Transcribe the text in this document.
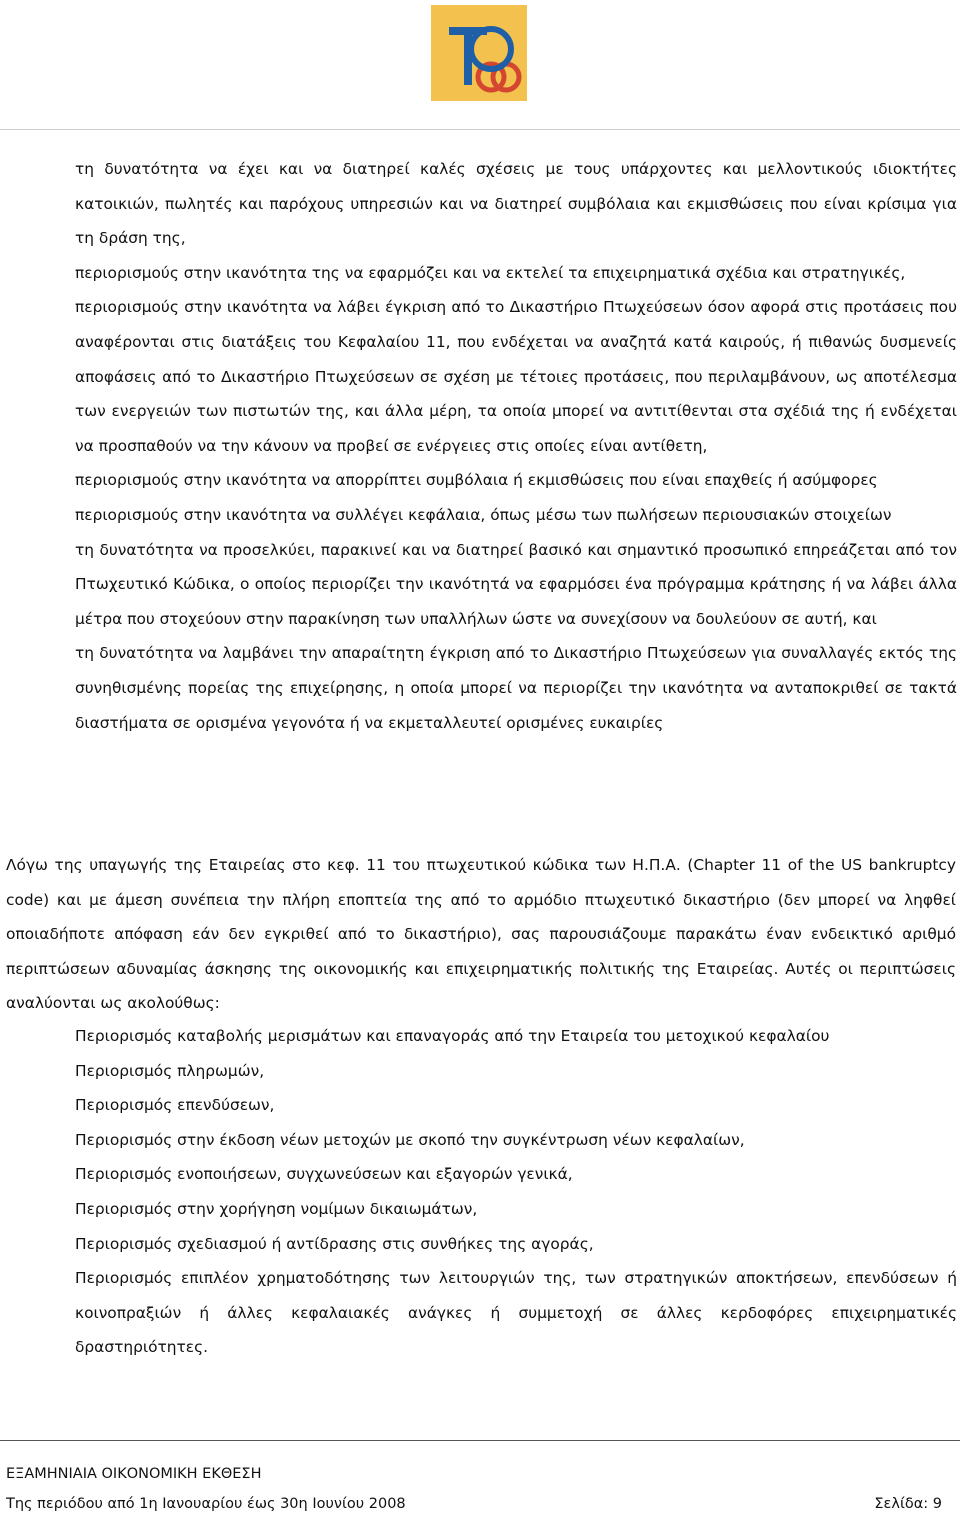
τη δυνατότητα να έχει και να διατηρεί καλές σχέσεις με τους υπάρχοντες και μελλοντικούς ιδιοκτήτες κατοικιών, πωλητές και παρόχους υπηρεσιών και να διατηρεί συμβόλαια και εκμισθώσεις που είναι κρίσιμα για τη δράση της,
περιορισμούς στην ικανότητα της να εφαρμόζει και να εκτελεί τα επιχειρηματικά σχέδια και στρατηγικές,
περιορισμούς στην ικανότητα να λάβει έγκριση από το Δικαστήριο Πτωχεύσεων όσον αφορά στις προτάσεις που αναφέρονται στις διατάξεις του Κεφαλαίου 11, που ενδέχεται να αναζητά κατά καιρούς, ή πιθανώς δυσμενείς αποφάσεις από το Δικαστήριο Πτωχεύσεων σε σχέση με τέτοιες προτάσεις, που περιλαμβάνουν, ως αποτέλεσμα των ενεργειών των πιστωτών της, και άλλα μέρη, τα οποία μπορεί να αντιτίθενται στα σχέδιά της ή ενδέχεται να προσπαθούν να την κάνουν να προβεί σε ενέργειες στις οποίες είναι αντίθετη,
περιορισμούς στην ικανότητα να απορρίπτει συμβόλαια ή εκμισθώσεις που είναι επαχθείς ή ασύμφορες
περιορισμούς στην ικανότητα να συλλέγει κεφάλαια, όπως μέσω των πωλήσεων περιουσιακών στοιχείων
τη δυνατότητα να προσελκύει, παρακινεί και να διατηρεί βασικό και σημαντικό προσωπικό επηρεάζεται από τον Πτωχευτικό Κώδικα, ο οποίος περιορίζει την ικανότητά να εφαρμόσει ένα πρόγραμμα κράτησης ή να λάβει άλλα μέτρα που στοχεύουν στην παρακίνηση των υπαλλήλων ώστε να συνεχίσουν να δουλεύουν σε αυτή, και
τη δυνατότητα να λαμβάνει την απαραίτητη έγκριση από το Δικαστήριο Πτωχεύσεων για συναλλαγές εκτός της συνηθισμένης πορείας της επιχείρησης, η οποία μπορεί να περιορίζει την ικανότητα να ανταποκριθεί σε τακτά διαστήματα σε ορισμένα γεγονότα ή να εκμεταλλευτεί ορισμένες ευκαιρίες

Λόγω της υπαγωγής της Εταιρείας στο κεφ. 11 του πτωχευτικού κώδικα των Η.Π.Α. (Chapter 11 of the US bankruptcy code) και με άμεση συνέπεια την πλήρη εποπτεία της από το αρμόδιο πτωχευτικό δικαστήριο (δεν μπορεί να ληφθεί οποιαδήποτε απόφαση εάν δεν εγκριθεί από το δικαστήριο), σας παρουσιάζουμε παρακάτω έναν ενδεικτικό αριθμό περιπτώσεων αδυναμίας άσκησης της οικονομικής και επιχειρηματικής πολιτικής της Εταιρείας. Αυτές οι περιπτώσεις αναλύονται ως ακολούθως:

Περιορισμός καταβολής μερισμάτων και επαναγοράς από την Εταιρεία του μετοχικού κεφαλαίου
Περιορισμός πληρωμών,
Περιορισμός επενδύσεων,
Περιορισμός στην έκδοση νέων μετοχών με σκοπό την συγκέντρωση νέων κεφαλαίων,
Περιορισμός ενοποιήσεων, συγχωνεύσεων και εξαγορών γενικά,
Περιορισμός στην χορήγηση νομίμων δικαιωμάτων,
Περιορισμός σχεδιασμού ή αντίδρασης στις συνθήκες της αγοράς,
Περιορισμός επιπλέον χρηματοδότησης των λειτουργιών της, των στρατηγικών αποκτήσεων, επενδύσεων ή κοινοπραξιών ή άλλες κεφαλαιακές ανάγκες ή συμμετοχή σε άλλες κερδοφόρες επιχειρηματικές δραστηριότητες.
ΕΞΑΜΗΝΙΑΙΑ ΟΙΚΟΝΟΜΙΚΗ ΕΚΘΕΣΗ
Της περιόδου από 1η Ιανουαρίου έως 30η Ιουνίου 2008	Σελίδα: 9
